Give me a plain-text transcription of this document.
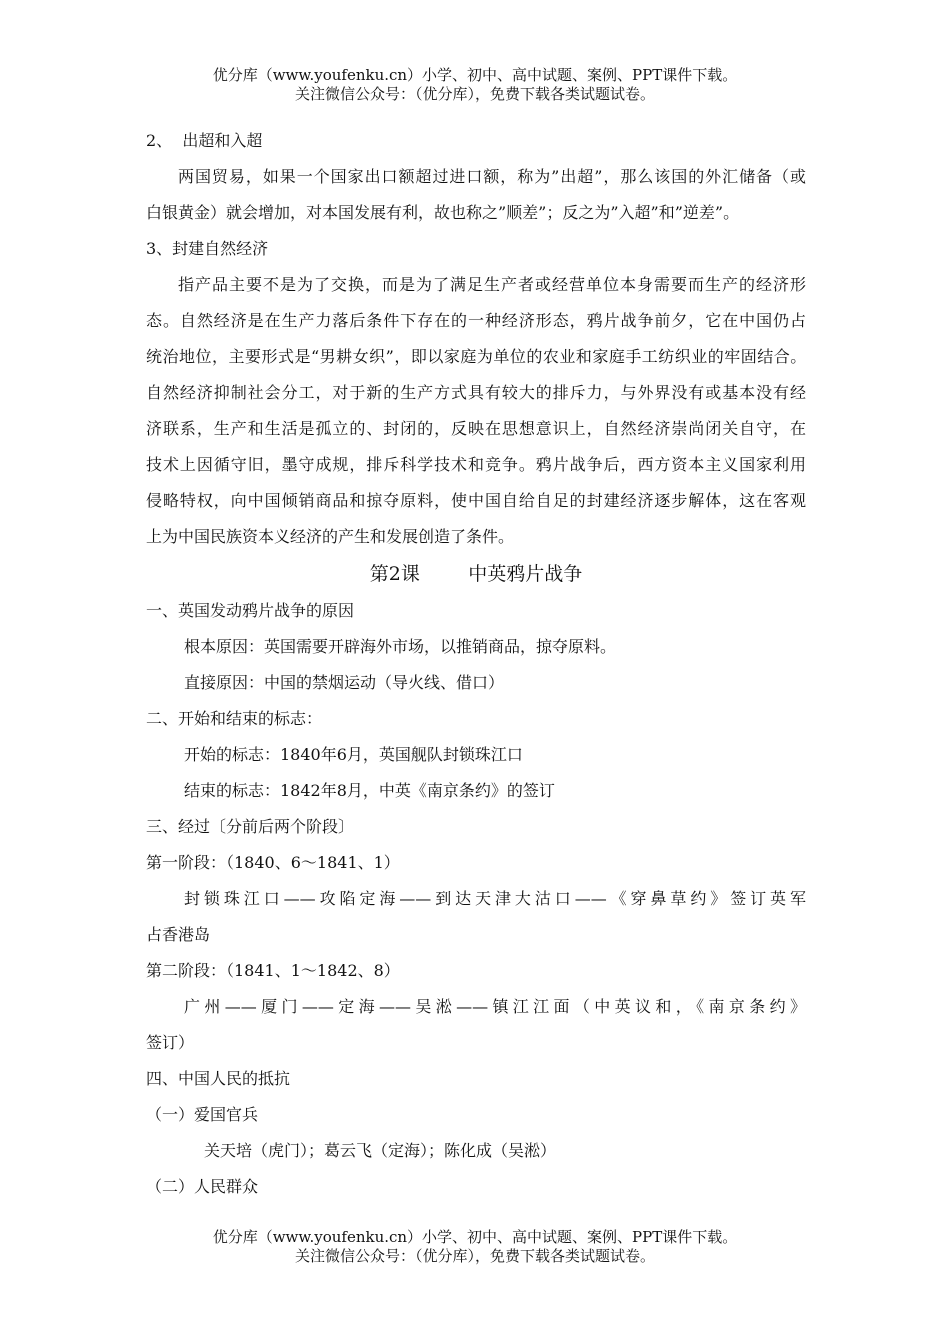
优分库（www.youfenku.cn）小学、初中、高中试题、案例、PPT课件下载。
关注微信公众号：（优分库），免费下载各类试题试卷。
2、  出超和入超
两国贸易，如果一个国家出口额超过进口额，称为”出超”，那么该国的外汇储备（或
白银黄金）就会增加，对本国发展有利，故也称之”顺差”；反之为”入超”和”逆差”。
3、封建自然经济
指产品主要不是为了交换，而是为了满足生产者或经营单位本身需要而生产的经济形
态。自然经济是在生产力落后条件下存在的一种经济形态，鸦片战争前夕，它在中国仍占
统治地位，主要形式是“男耕女织”，即以家庭为单位的农业和家庭手工纺织业的牢固结合。
自然经济抑制社会分工，对于新的生产方式具有较大的排斥力，与外界没有或基本没有经
济联系，生产和生活是孤立的、封闭的，反映在思想意识上，自然经济崇尚闭关自守，在
技术上因循守旧，墨守成规，排斥科学技术和竞争。鸦片战争后，西方资本主义国家利用
侵略特权，向中国倾销商品和掠夺原料，使中国自给自足的封建经济逐步解体，这在客观
上为中国民族资本义经济的产生和发展创造了条件。
第2课        中英鸦片战争
一、英国发动鸦片战争的原因
根本原因：英国需要开辟海外市场，以推销商品，掠夺原料。
直接原因：中国的禁烟运动（导火线、借口）
二、开始和结束的标志：
开始的标志：1840年6月，英国舰队封锁珠江口
结束的标志：1842年8月，中英《南京条约》的签订
三、经过〔分前后两个阶段〕
第一阶段：（1840、6～1841、1）
封锁珠江口——攻陷定海——到达天津大沽口——《穿鼻草约》签订英军
占香港岛
第二阶段：（1841、1～1842、8）
广州——厦门——定海——吴淞——镇江江面（中英议和，《南京条约》
签订）
四、中国人民的抵抗
（一）爱国官兵
关天培（虎门）；葛云飞（定海）；陈化成（吴淞）
（二）人民群众
优分库（www.youfenku.cn）小学、初中、高中试题、案例、PPT课件下载。
关注微信公众号：（优分库），免费下载各类试题试卷。
